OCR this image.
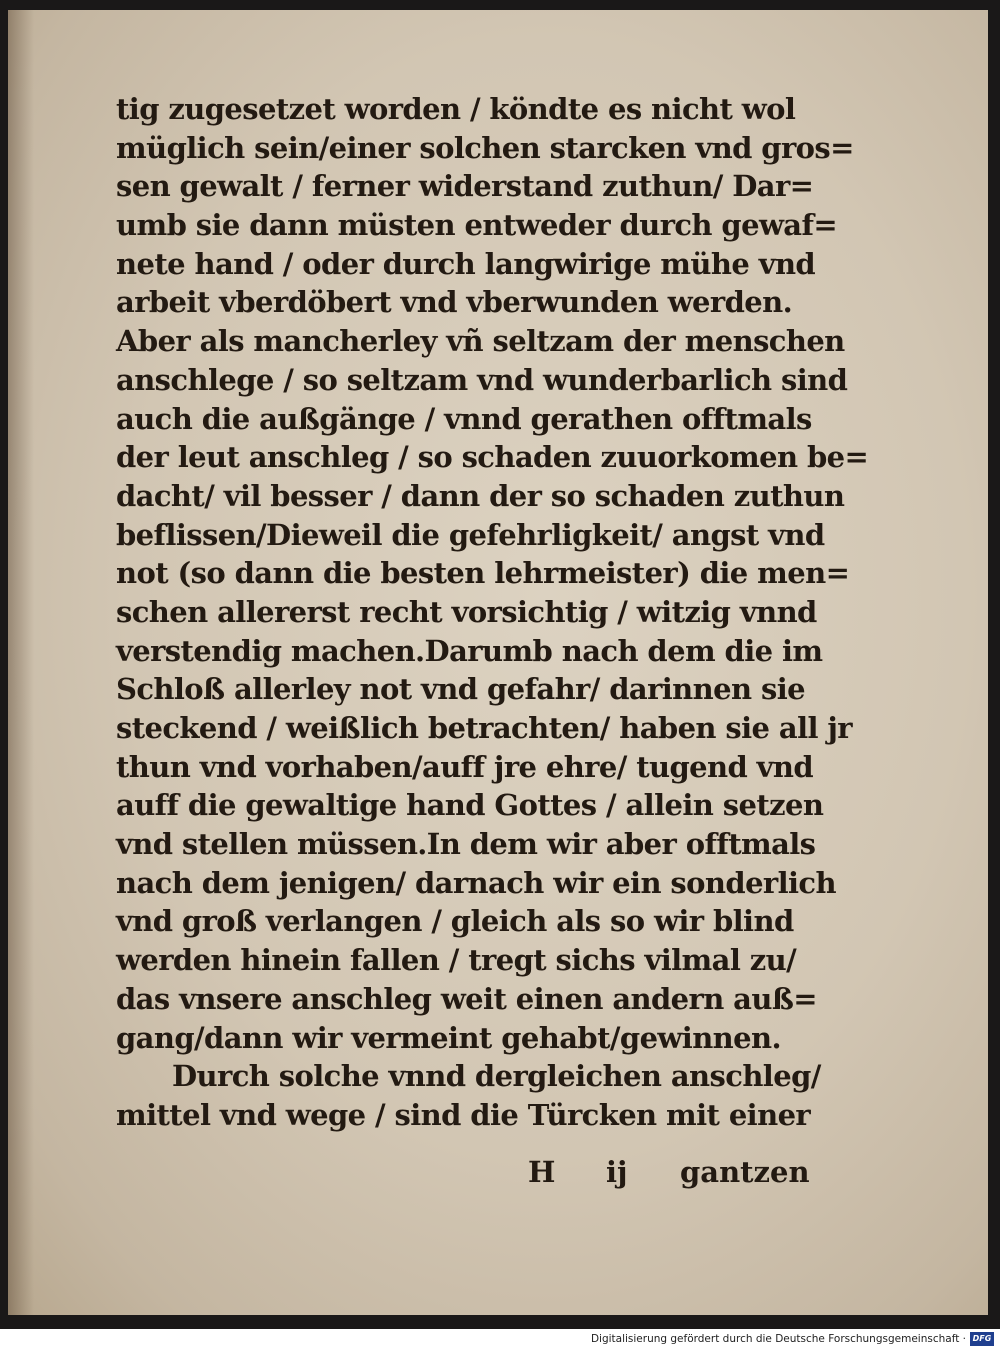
tig zugesetzet worden / köndte es nicht wol
müglich sein/einer solchen starcken vnd gros=
sen gewalt / ferner widerstand zuthun/ Dar=
umb sie dann müsten entweder durch gewaf=
nete hand / oder durch langwirige mühe vnd
arbeit vberdöbert vnd vberwunden werden.
Aber als mancherley vñ seltzam der menschen
anschlege / so seltzam vnd wunderbarlich sind
auch die außgänge / vnnd gerathen offtmals
der leut anschleg / so schaden zuuorkomen be=
dacht/ vil besser / dann der so schaden zuthun
beflissen/Dieweil die gefehrligkeit/ angst vnd
not (so dann die besten lehrmeister) die men=
schen allererst recht vorsichtig / witzig vnnd
verstendig machen.Darumb nach dem die im
Schloß allerley not vnd gefahr/ darinnen sie
steckend / weißlich betrachten/ haben sie all jr
thun vnd vorhaben/auff jre ehre/ tugend vnd
auff die gewaltige hand Gottes / allein setzen
vnd stellen müssen.In dem wir aber offtmals
nach dem jenigen/ darnach wir ein sonderlich
vnd groß verlangen / gleich als so wir blind
werden hinein fallen / tregt sichs vilmal zu/
das vnsere anschleg weit einen andern auß=
gang/dann wir vermeint gehabt/gewinnen.
Durch solche vnnd dergleichen anschleg/
mittel vnd wege / sind die Türcken mit einer
H ij gantzen
Digitalisierung gefördert durch die Deutsche Forschungsgemeinschaft · DFG
